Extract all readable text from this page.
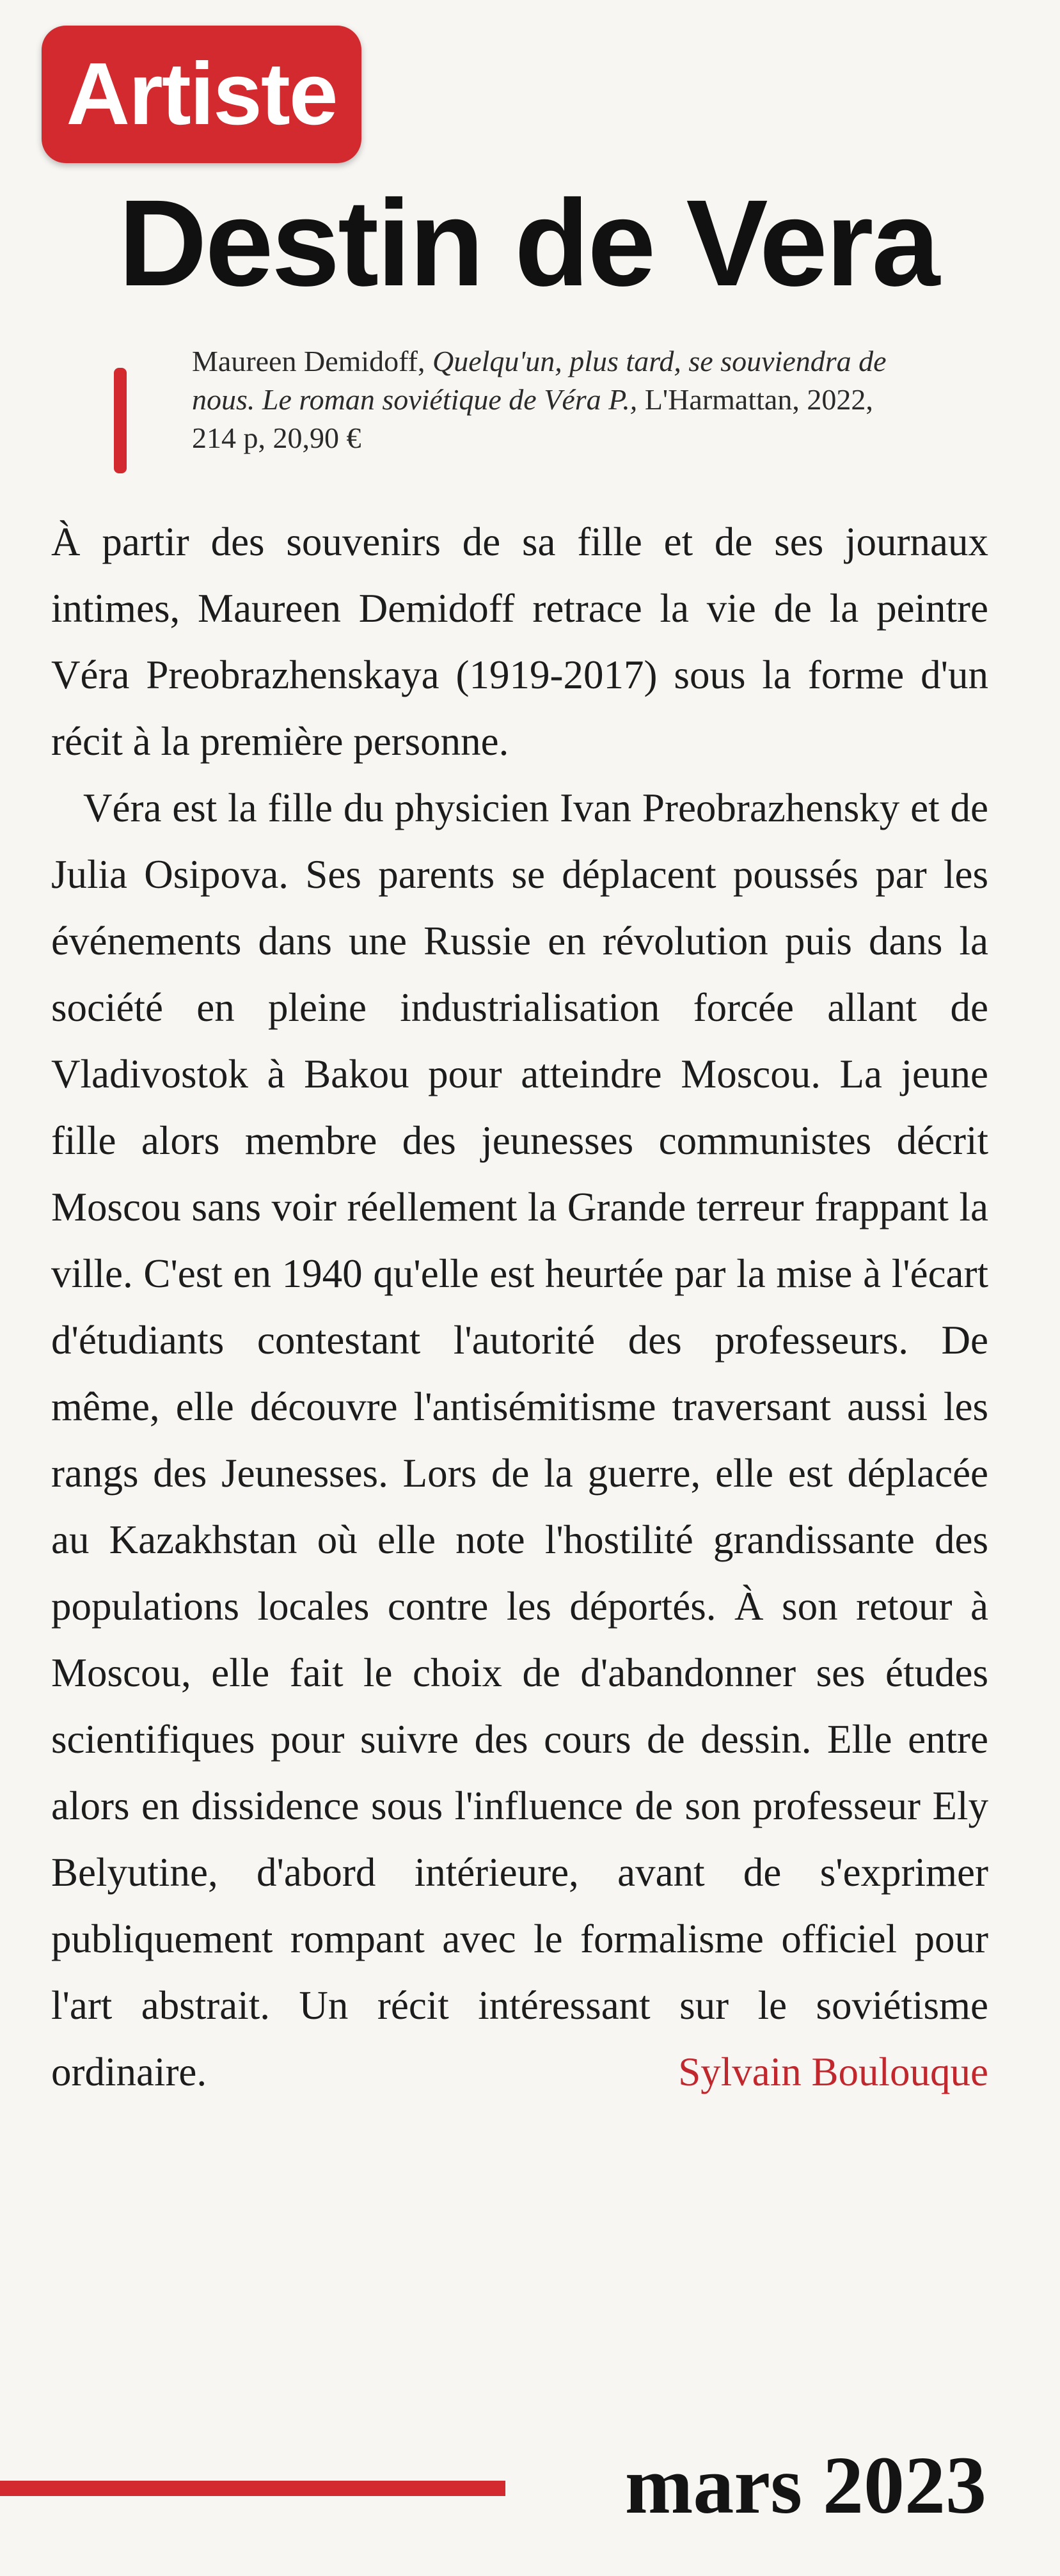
Artiste
Destin de Vera

Maureen Demidoff, Quelqu'un, plus tard, se souviendra de nous. Le roman soviétique de Véra P., L'Harmattan, 2022, 214 p, 20,90 €

À partir des souvenirs de sa fille et de ses journaux intimes, Maureen Demidoff retrace la vie de la peintre Véra Preobrazhenskaya (1919-2017) sous la forme d'un récit à la première personne.

Véra est la fille du physicien Ivan Preobrazhensky et de Julia Osipova. Ses parents se déplacent poussés par les événements dans une Russie en révolution puis dans la société en pleine industrialisation forcée allant de Vladivostok à Bakou pour atteindre Moscou. La jeune fille alors membre des jeunesses communistes décrit Moscou sans voir réellement la Grande terreur frappant la ville. C'est en 1940 qu'elle est heurtée par la mise à l'écart d'étudiants contestant l'autorité des professeurs. De même, elle découvre l'antisémitisme traversant aussi les rangs des Jeunesses. Lors de la guerre, elle est déplacée au Kazakhstan où elle note l'hostilité grandissante des populations locales contre les déportés. À son retour à Moscou, elle fait le choix de d'abandonner ses études scientifiques pour suivre des cours de dessin. Elle entre alors en dissidence sous l'influence de son professeur Ely Belyutine, d'abord intérieure, avant de s'exprimer publiquement rompant avec le formalisme officiel pour l'art abstrait. Un récit intéressant sur le soviétisme ordinaire.	Sylvain Boulouque

mars 2023
